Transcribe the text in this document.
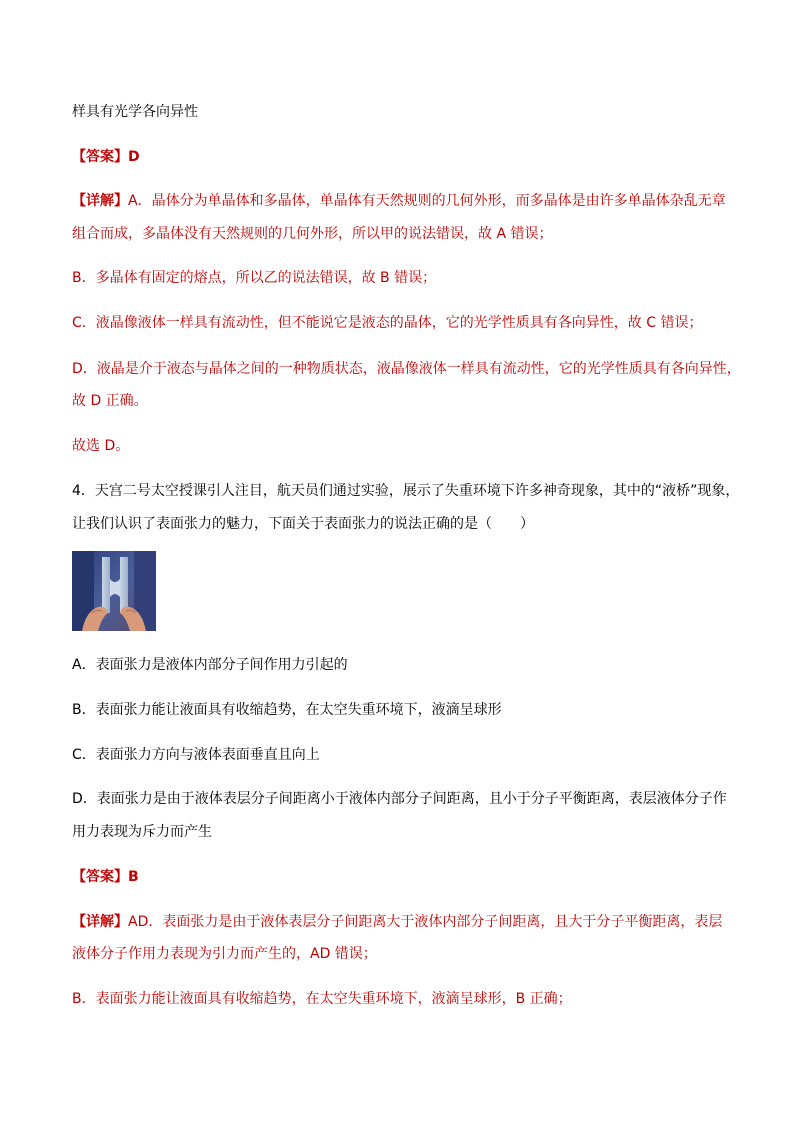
样具有光学各向异性
【答案】D
【详解】A．晶体分为单晶体和多晶体，单晶体有天然规则的几何外形，而多晶体是由许多单晶体杂乱无章
组合而成，多晶体没有天然规则的几何外形，所以甲的说法错误，故 A 错误；
B．多晶体有固定的熔点，所以乙的说法错误，故 B 错误；
C．液晶像液体一样具有流动性，但不能说它是液态的晶体，它的光学性质具有各向异性，故 C 错误；
D．液晶是介于液态与晶体之间的一种物质状态，液晶像液体一样具有流动性，它的光学性质具有各向异性，
故 D 正确。
故选 D。
4．天宫二号太空授课引人注目，航天员们通过实验，展示了失重环境下许多神奇现象，其中的“液桥”现象，
让我们认识了表面张力的魅力，下面关于表面张力的说法正确的是（　　）
A．表面张力是液体内部分子间作用力引起的
B．表面张力能让液面具有收缩趋势，在太空失重环境下，液滴呈球形
C．表面张力方向与液体表面垂直且向上
D．表面张力是由于液体表层分子间距离小于液体内部分子间距离，且小于分子平衡距离，表层液体分子作
用力表现为斥力而产生
【答案】B
【详解】AD．表面张力是由于液体表层分子间距离大于液体内部分子间距离，且大于分子平衡距离，表层
液体分子作用力表现为引力而产生的，AD 错误；
B．表面张力能让液面具有收缩趋势，在太空失重环境下，液滴呈球形，B 正确；
